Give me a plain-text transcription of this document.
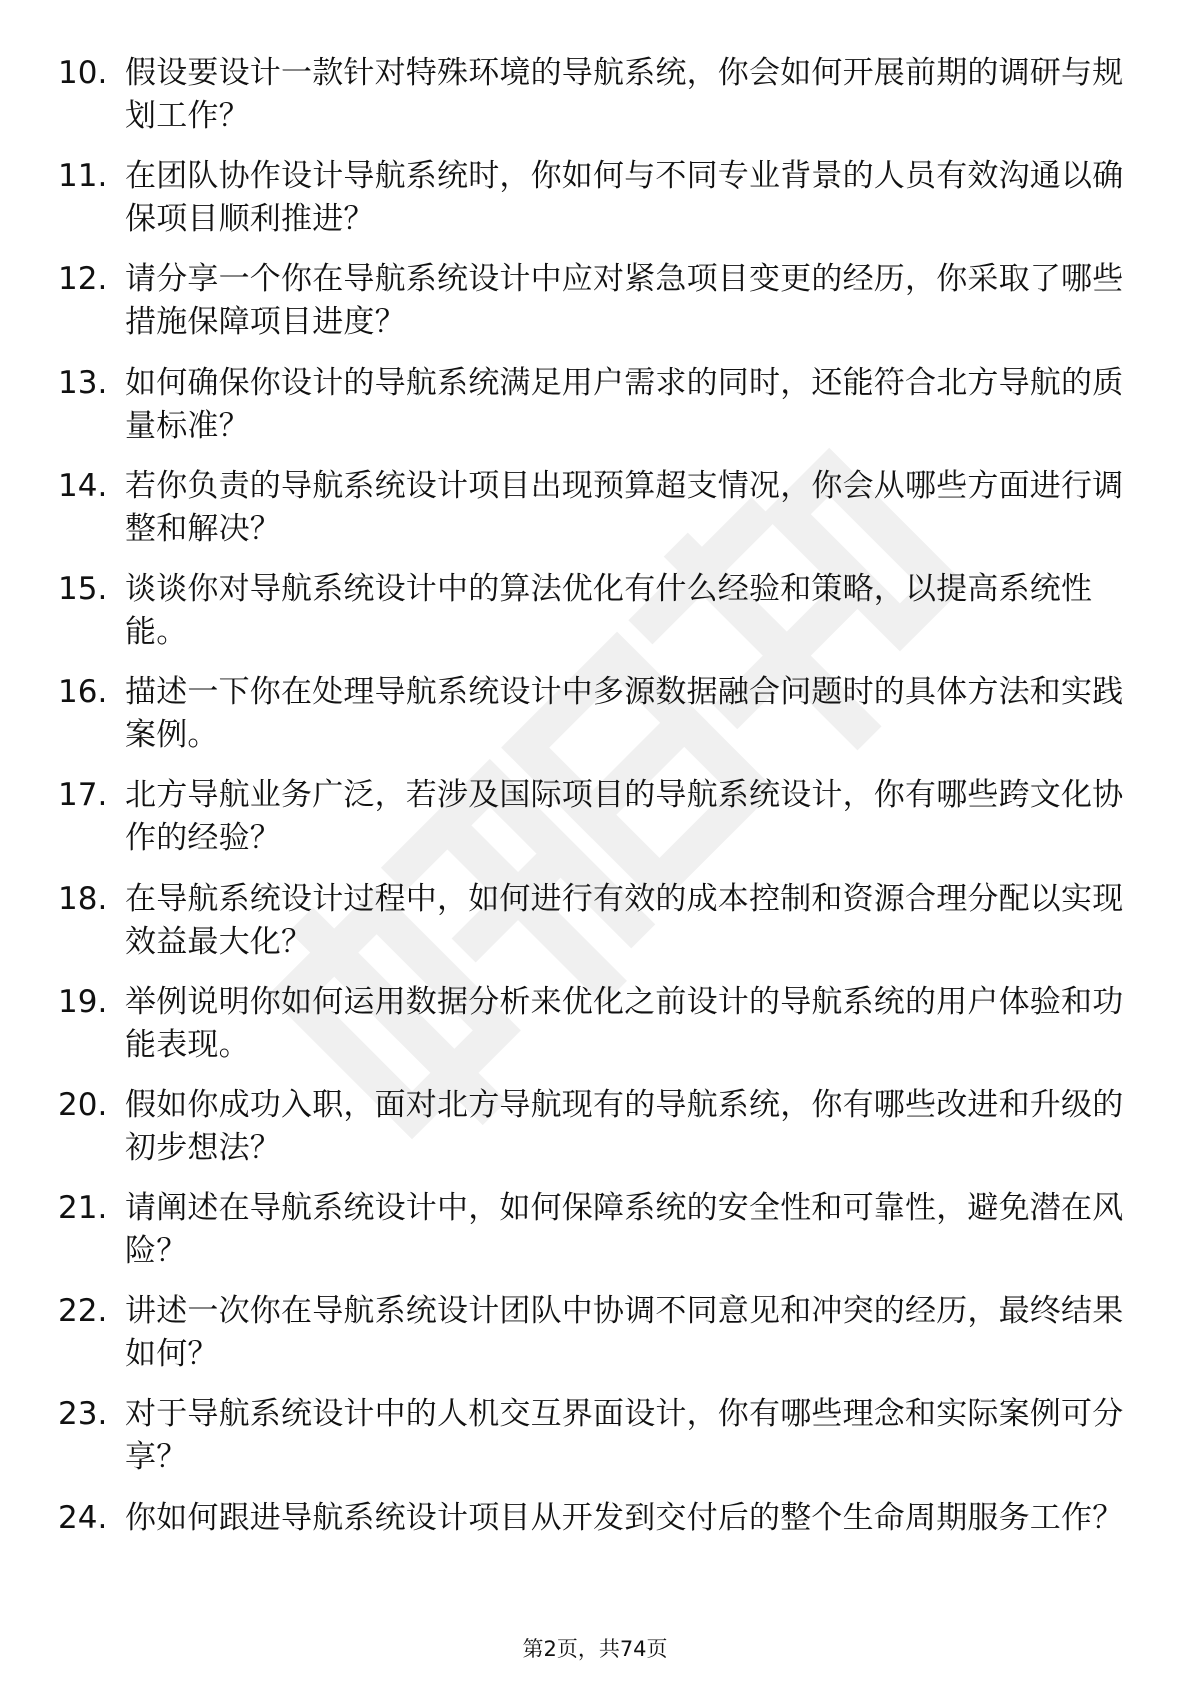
10. 假设要设计一款针对特殊环境的导航系统，你会如何开展前期的调研与规划工作？
11. 在团队协作设计导航系统时，你如何与不同专业背景的人员有效沟通以确保项目顺利推进？
12. 请分享一个你在导航系统设计中应对紧急项目变更的经历，你采取了哪些措施保障项目进度？
13. 如何确保你设计的导航系统满足用户需求的同时，还能符合北方导航的质量标准？
14. 若你负责的导航系统设计项目出现预算超支情况，你会从哪些方面进行调整和解决？
15. 谈谈你对导航系统设计中的算法优化有什么经验和策略，以提高系统性能。
16. 描述一下你在处理导航系统设计中多源数据融合问题时的具体方法和实践案例。
17. 北方导航业务广泛，若涉及国际项目的导航系统设计，你有哪些跨文化协作的经验？
18. 在导航系统设计过程中，如何进行有效的成本控制和资源合理分配以实现效益最大化？
19. 举例说明你如何运用数据分析来优化之前设计的导航系统的用户体验和功能表现。
20. 假如你成功入职，面对北方导航现有的导航系统，你有哪些改进和升级的初步想法？
21. 请阐述在导航系统设计中，如何保障系统的安全性和可靠性，避免潜在风险？
22. 讲述一次你在导航系统设计团队中协调不同意见和冲突的经历，最终结果如何？
23. 对于导航系统设计中的人机交互界面设计，你有哪些理念和实际案例可分享？
24. 你如何跟进导航系统设计项目从开发到交付后的整个生命周期服务工作？
第2页，共74页
